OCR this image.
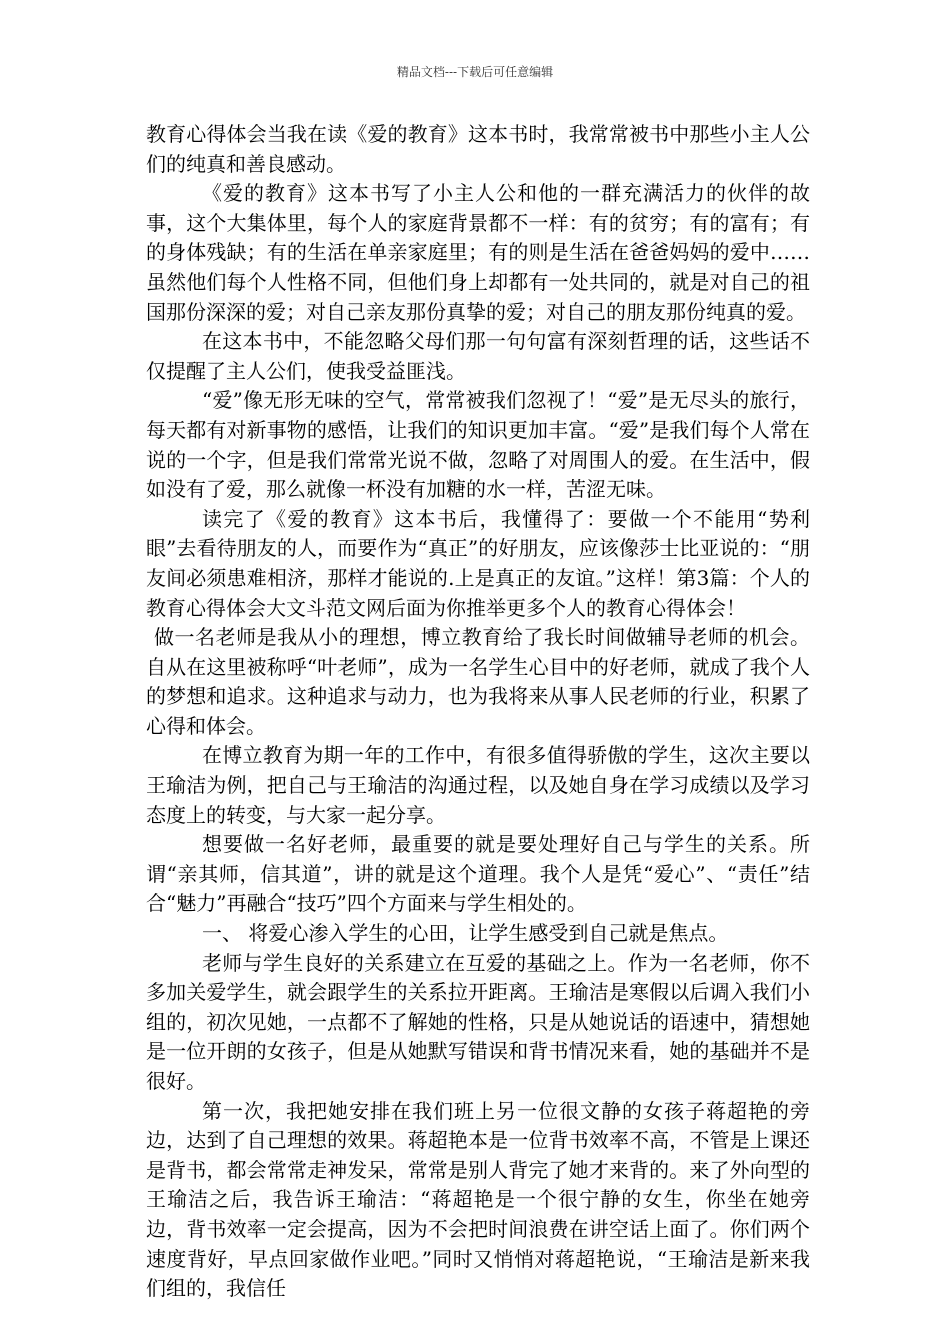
精品文档---下载后可任意编辑

教育心得体会当我在读《爱的教育》这本书时，我常常被书中那些小主人公们的纯真和善良感动。

《爱的教育》这本书写了小主人公和他的一群充满活力的伙伴的故事，这个大集体里，每个人的家庭背景都不一样：有的贫穷；有的富有；有的身体残缺；有的生活在单亲家庭里；有的则是生活在爸爸妈妈的爱中……虽然他们每个人性格不同，但他们身上却都有一处共同的，就是对自己的祖国那份深深的爱；对自己亲友那份真挚的爱；对自己的朋友那份纯真的爱。

在这本书中，不能忽略父母们那一句句富有深刻哲理的话，这些话不仅提醒了主人公们，使我受益匪浅。

“爱”像无形无味的空气，常常被我们忽视了！“爱”是无尽头的旅行，每天都有对新事物的感悟，让我们的知识更加丰富。“爱”是我们每个人常在说的一个字，但是我们常常光说不做，忽略了对周围人的爱。在生活中，假如没有了爱，那么就像一杯没有加糖的水一样，苦涩无味。

读完了《爱的教育》这本书后，我懂得了：要做一个不能用“势利眼”去看待朋友的人，而要作为“真正”的好朋友，应该像莎士比亚说的：“朋友间必须患难相济，那样才能说的.上是真正的友谊。”这样！第3篇：个人的教育心得体会大文斗范文网后面为你推举更多个人的教育心得体会！

做一名老师是我从小的理想，博立教育给了我长时间做辅导老师的机会。自从在这里被称呼“叶老师”，成为一名学生心目中的好老师，就成了我个人的梦想和追求。这种追求与动力，也为我将来从事人民老师的行业，积累了心得和体会。

在博立教育为期一年的工作中，有很多值得骄傲的学生，这次主要以王瑜洁为例，把自己与王瑜洁的沟通过程，以及她自身在学习成绩以及学习态度上的转变，与大家一起分享。

想要做一名好老师，最重要的就是要处理好自己与学生的关系。所谓“亲其师，信其道”，讲的就是这个道理。我个人是凭“爱心”、“责任”结合“魅力”再融合“技巧”四个方面来与学生相处的。

一、 将爱心渗入学生的心田，让学生感受到自己就是焦点。

老师与学生良好的关系建立在互爱的基础之上。作为一名老师，你不多加关爱学生，就会跟学生的关系拉开距离。王瑜洁是寒假以后调入我们小组的，初次见她，一点都不了解她的性格，只是从她说话的语速中，猜想她是一位开朗的女孩子，但是从她默写错误和背书情况来看，她的基础并不是很好。

第一次，我把她安排在我们班上另一位很文静的女孩子蒋超艳的旁边，达到了自己理想的效果。蒋超艳本是一位背书效率不高，不管是上课还是背书，都会常常走神发呆，常常是别人背完了她才来背的。来了外向型的王瑜洁之后，我告诉王瑜洁：“蒋超艳是一个很宁静的女生，你坐在她旁边，背书效率一定会提高，因为不会把时间浪费在讲空话上面了。你们两个速度背好，早点回家做作业吧。”同时又悄悄对蒋超艳说，“王瑜洁是新来我们组的，我信任
